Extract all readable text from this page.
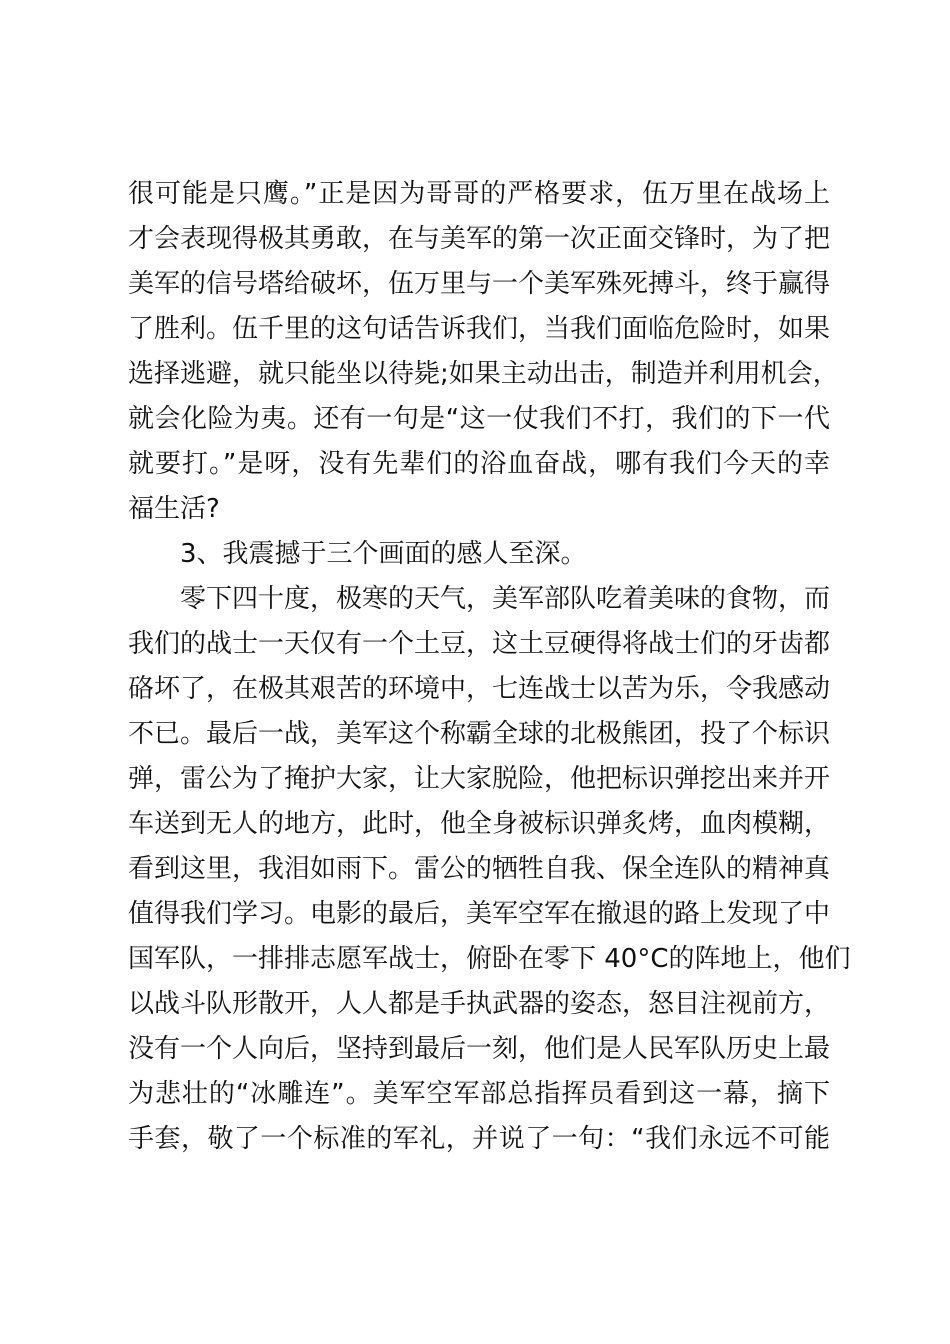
很可能是只鹰。”正是因为哥哥的严格要求，伍万里在战场上
才会表现得极其勇敢，在与美军的第一次正面交锋时，为了把
美军的信号塔给破坏，伍万里与一个美军殊死搏斗，终于赢得
了胜利。伍千里的这句话告诉我们，当我们面临危险时，如果
选择逃避，就只能坐以待毙;如果主动出击，制造并利用机会，
就会化险为夷。还有一句是“这一仗我们不打，我们的下一代
就要打。”是呀，没有先辈们的浴血奋战，哪有我们今天的幸
福生活?
3、我震撼于三个画面的感人至深。
零下四十度，极寒的天气，美军部队吃着美味的食物，而
我们的战士一天仅有一个土豆，这土豆硬得将战士们的牙齿都
硌坏了，在极其艰苦的环境中，七连战士以苦为乐，令我感动
不已。最后一战，美军这个称霸全球的北极熊团，投了个标识
弹，雷公为了掩护大家，让大家脱险，他把标识弹挖出来并开
车送到无人的地方，此时，他全身被标识弹炙烤，血肉模糊，
看到这里，我泪如雨下。雷公的牺牲自我、保全连队的精神真
值得我们学习。电影的最后，美军空军在撤退的路上发现了中
国军队，一排排志愿军战士，俯卧在零下 40°C的阵地上，他们
以战斗队形散开，人人都是手执武器的姿态，怒目注视前方，
没有一个人向后，坚持到最后一刻，他们是人民军队历史上最
为悲壮的“冰雕连”。美军空军部总指挥员看到这一幕，摘下
手套，敬了一个标准的军礼，并说了一句：“我们永远不可能
